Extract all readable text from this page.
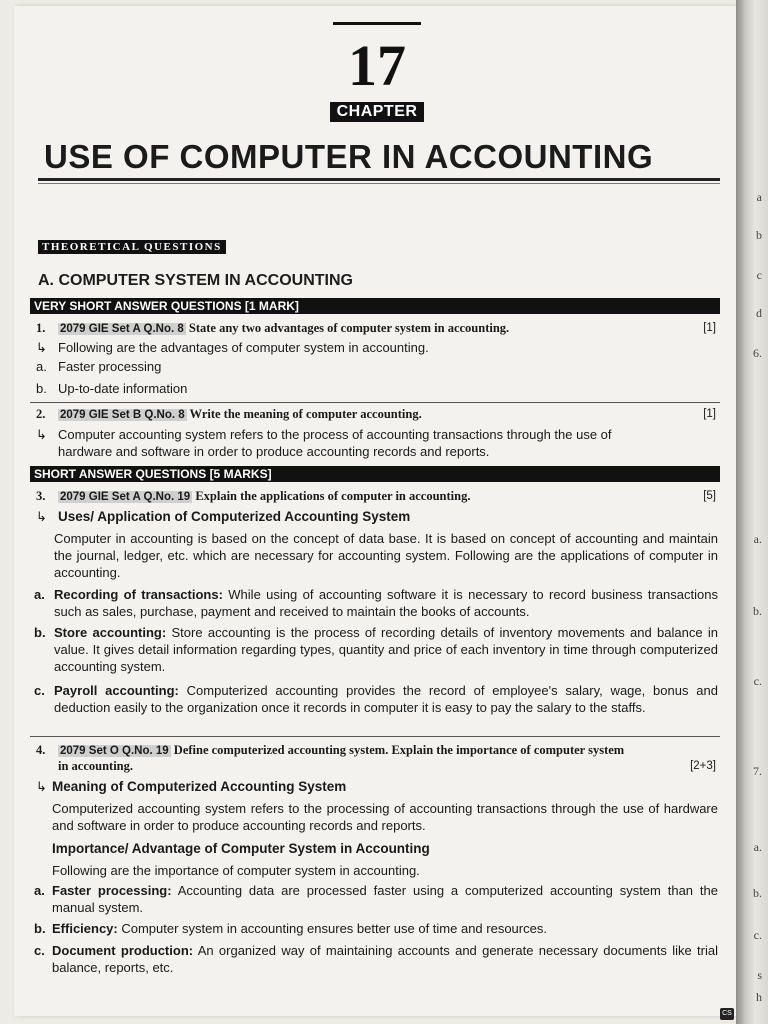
a
b
c
d
6.
a.
b.
c.
7.
a.
b.
c.
s
h
17
CHAPTER
USE OF COMPUTER IN ACCOUNTING
THEORETICAL QUESTIONS
A. COMPUTER SYSTEM IN ACCOUNTING
VERY SHORT ANSWER QUESTIONS [1 MARK]
1. 2079 GIE Set A Q.No. 8 State any two advantages of computer system in accounting.	[1]
↳ Following are the advantages of computer system in accounting.
a. Faster processing
b. Up-to-date information
2. 2079 GIE Set B Q.No. 8 Write the meaning of computer accounting.	[1]
↳ Computer accounting system refers to the process of accounting transactions through the use of
hardware and software in order to produce accounting records and reports.
SHORT ANSWER QUESTIONS [5 MARKS]
3. 2079 GIE Set A Q.No. 19 Explain the applications of computer in accounting.	[5]
↳ Uses/ Application of Computerized Accounting System
Computer in accounting is based on the concept of data base. It is based on concept of accounting and maintain the journal, ledger, etc. which are necessary for accounting system. Following are the applications of computer in accounting.
a. Recording of transactions: While using of accounting software it is necessary to record business transactions such as sales, purchase, payment and received to maintain the books of accounts.
b. Store accounting: Store accounting is the process of recording details of inventory movements and balance in value. It gives detail information regarding types, quantity and price of each inventory in time through computerized accounting system.
c. Payroll accounting: Computerized accounting provides the record of employee's salary, wage, bonus and deduction easily to the organization once it records in computer it is easy to pay the salary to the staffs.
4. 2079 Set O Q.No. 19 Define computerized accounting system. Explain the importance of computer system
in accounting.	[2+3]
↳ Meaning of Computerized Accounting System
Computerized accounting system refers to the processing of accounting transactions through the use of hardware and software in order to produce accounting records and reports.
Importance/ Advantage of Computer System in Accounting
Following are the importance of computer system in accounting.
a. Faster processing: Accounting data are processed faster using a computerized accounting system than the manual system.
b. Efficiency: Computer system in accounting ensures better use of time and resources.
c. Document production: An organized way of maintaining accounts and generate necessary documents like trial balance, reports, etc.
CS
